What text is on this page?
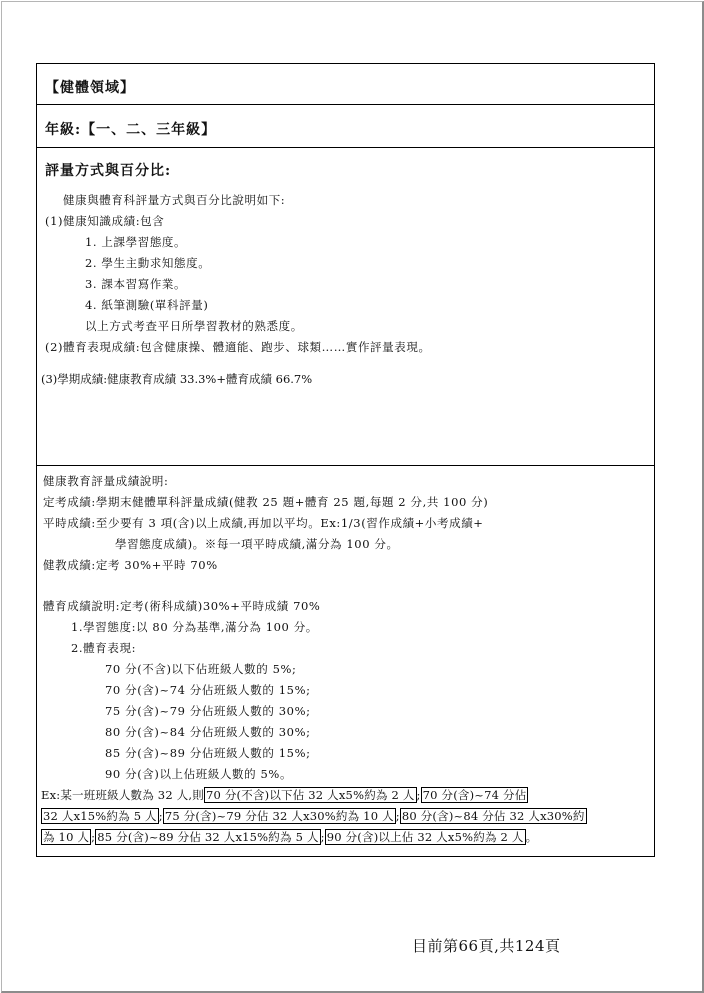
【健體領域】
年級:【一、二、三年級】
評量方式與百分比:
健康與體育科評量方式與百分比說明如下:
(1)健康知識成績:包含
1. 上課學習態度。
2. 學生主動求知態度。
3. 課本習寫作業。
4. 紙筆測驗(單科評量)
以上方式考查平日所學習教材的熟悉度。
(2)體育表現成績:包含健康操、體適能、跑步、球類……實作評量表現。
(3)學期成績:健康教育成績 33.3%+體育成績 66.7%
健康教育評量成績說明:
定考成績:學期末健體單科評量成績(健教 25 題+體育 25 題,每題 2 分,共 100 分)
平時成績:至少要有 3 項(含)以上成績,再加以平均。Ex:1/3(習作成績+小考成績+
學習態度成績)。※每一項平時成績,滿分為 100 分。
健教成績:定考 30%+平時 70%
體育成績說明:定考(術科成績)30%+平時成績 70%
1.學習態度:以 80 分為基準,滿分為 100 分。
2.體育表現:
70 分(不含)以下佔班級人數的 5%;
70 分(含)~74 分佔班級人數的 15%;
75 分(含)~79 分佔班級人數的 30%;
80 分(含)~84 分佔班級人數的 30%;
85 分(含)~89 分佔班級人數的 15%;
90 分(含)以上佔班級人數的 5%。
Ex:某一班班級人數為 32 人,則 70 分(不含)以下佔 32 人x5%約為 2 人 ; 70 分(含)~74 分佔
32 人x15%約為 5 人 ; 75 分(含)~79 分佔 32 人x30%約為 10 人 ; 80 分(含)~84 分佔 32 人x30%約
為 10 人 ; 85 分(含)~89 分佔 32 人x15%約為 5 人 ; 90 分(含)以上佔 32 人x5%約為 2 人 。
目前第66頁,共124頁
